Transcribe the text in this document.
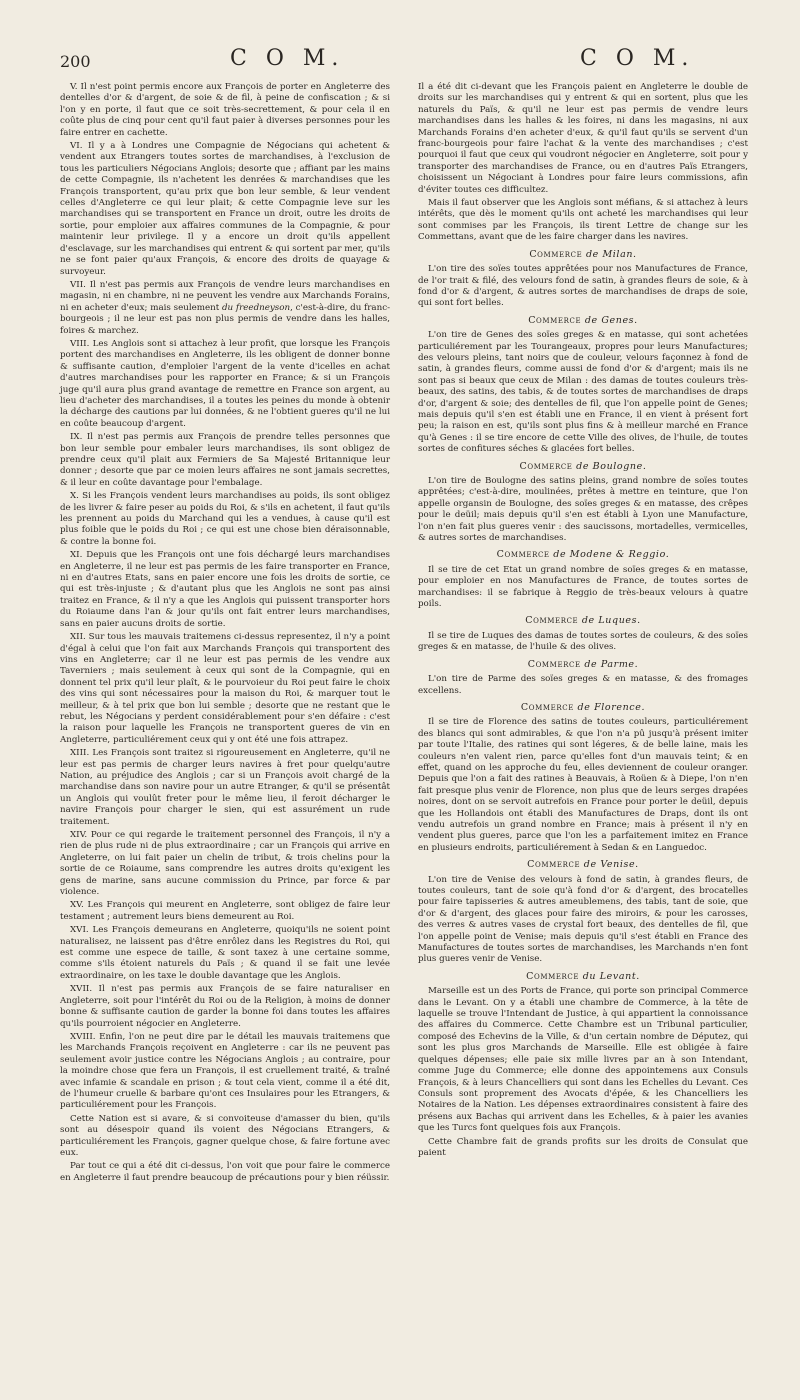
200	C O M.	C O M.

V. Il n'est point permis encore aux François de porter en Angleterre des dentelles d'or & d'argent, de soie & de fil, à peine de confiscation ; & si l'on y en porte, il faut que ce soit très-secrettement, & pour cela il en coûte plus de cinq pour cent qu'il faut paier à diverses personnes pour les faire entrer en cachette.

VI. Il y a à Londres une Compagnie de Négocians qui achetent & vendent aux Etrangers toutes sortes de marchandises, à l'exclusion de tous les particuliers Négocians Anglois; desorte que ; affiant par les mains de cette Compagnie, ils n'achetent les denrées & marchandises que les François transportent, qu'au prix que bon leur semble, & leur vendent celles d'Angleterre ce qui leur plait; & cette Compagnie leve sur les marchandises qui se transportent en France un droit, outre les droits de sortie, pour emploier aux affaires communes de la Compagnie, & pour maintenir leur privilege. Il y a encore un droit qu'ils appellent d'esclavage, sur les marchandises qui entrent & qui sortent par mer, qu'ils ne se font paier qu'aux François, & encore des droits de quayage & survoyeur.

VII. Il n'est pas permis aux François de vendre leurs marchandises en magasin, ni en chambre, ni ne peuvent les vendre aux Marchands Forains, ni en acheter d'eux; mais seulement du freedneyson, c'est-à-dire, du franc-bourgeois ; il ne leur est pas non plus permis de vendre dans les halles, foires & marchez.

VIII. Les Anglois sont si attachez à leur profit, que lorsque les François portent des marchandises en Angleterre, ils les obligent de donner bonne & suffisante caution, d'emploier l'argent de la vente d'icelles en achat d'autres marchandises pour les rapporter en France; & si un François juge qu'il aura plus grand avantage de remettre en France son argent, au lieu d'acheter des marchandises, il a toutes les peines du monde à obtenir la décharge des cautions par lui données, & ne l'obtient gueres qu'il ne lui en coûte beaucoup d'argent.

IX. Il n'est pas permis aux François de prendre telles personnes que bon leur semble pour embaler leurs marchandises, ils sont obligez de prendre ceux qu'il plait aux Fermiers de Sa Majesté Britannique leur donner ; desorte que par ce moien leurs affaires ne sont jamais secrettes, & il leur en coûte davantage pour l'embalage.

X. Si les François vendent leurs marchandises au poids, ils sont obligez de les livrer & faire peser au poids du Roi, & s'ils en achetent, il faut qu'ils les prennent au poids du Marchand qui les a vendues, à cause qu'il est plus foible que le poids du Roi ; ce qui est une chose bien déraisonnable, & contre la bonne foi.

XI. Depuis que les François ont une fois déchargé leurs marchandises en Angleterre, il ne leur est pas permis de les faire transporter en France, ni en d'autres Etats, sans en paier encore une fois les droits de sortie, ce qui est très-injuste ; & d'autant plus que les Anglois ne sont pas ainsi traitez en France, & il n'y a que les Anglois qui puissent transporter hors du Roiaume dans l'an & jour qu'ils ont fait entrer leurs marchandises, sans en paier aucuns droits de sortie.

XII. Sur tous les mauvais traitemens ci-dessus representez, il n'y a point d'égal à celui que l'on fait aux Marchands François qui transportent des vins en Angleterre; car il ne leur est pas permis de les vendre aux Taverniers ; mais seulement à ceux qui sont de la Compagnie, qui en donnent tel prix qu'il leur plaît, & le pourvoieur du Roi peut faire le choix des vins qui sont nécessaires pour la maison du Roi, & marquer tout le meilleur, & à tel prix que bon lui semble ; desorte que ne restant que le rebut, les Négocians y perdent considérablement pour s'en défaire : c'est la raison pour laquelle les François ne transportent gueres de vin en Angleterre, particuliérement ceux qui y ont été une fois attrapez.

XIII. Les François sont traitez si rigoureusement en Angleterre, qu'il ne leur est pas permis de charger leurs navires à fret pour quelqu'autre Nation, au préjudice des Anglois ; car si un François avoit chargé de la marchandise dans son navire pour un autre Etranger, & qu'il se présentât un Anglois qui voulût freter pour le même lieu, il feroit décharger le navire François pour charger le sien, qui est assurément un rude traitement.

XIV. Pour ce qui regarde le traitement personnel des François, il n'y a rien de plus rude ni de plus extraordinaire ; car un François qui arrive en Angleterre, on lui fait paier un chelin de tribut, & trois chelins pour la sortie de ce Roiaume, sans comprendre les autres droits qu'exigent les gens de marine, sans aucune commission du Prince, par force & par violence.

XV. Les François qui meurent en Angleterre, sont obligez de faire leur testament ; autrement leurs biens demeurent au Roi.

XVI. Les François demeurans en Angleterre, quoiqu'ils ne soient point naturalisez, ne laissent pas d'être enrôlez dans les Registres du Roi, qui est comme une espece de taille, & sont taxez à une certaine somme, comme s'ils étoient naturels du Païs ; & quand il se fait une levée extraordinaire, on les taxe le double davantage que les Anglois.

XVII. Il n'est pas permis aux François de se faire naturaliser en Angleterre, soit pour l'intérêt du Roi ou de la Religion, à moins de donner bonne & suffisante caution de garder la bonne foi dans toutes les affaires qu'ils pourroient négocier en Angleterre.

XVIII. Enfin, l'on ne peut dire par le détail les mauvais traitemens que les Marchands François reçoivent en Angleterre : car ils ne peuvent pas seulement avoir justice contre les Négocians Anglois ; au contraire, pour la moindre chose que fera un François, il est cruellement traité, & traîné avec infamie & scandale en prison ; & tout cela vient, comme il a été dit, de l'humeur cruelle & barbare qu'ont ces Insulaires pour les Etrangers, & particuliérement pour les François.

Cette Nation est si avare, & si convoiteuse d'amasser du bien, qu'ils sont au désespoir quand ils voient des Négocians Etrangers, & particuliérement les François, gagner quelque chose, & faire fortune avec eux.

Par tout ce qui a été dit ci-dessus, l'on voit que pour faire le commerce en Angleterre il faut prendre beaucoup de précautions pour y bien réüssir.

Il a été dit ci-devant que les François paient en Angleterre le double de droits sur les marchandises qui y entrent & qui en sortent, plus que les naturels du Païs, & qu'il ne leur est pas permis de vendre leurs marchandises dans les halles & les foires, ni dans les magasins, ni aux Marchands Forains d'en acheter d'eux, & qu'il faut qu'ils se servent d'un franc-bourgeois pour faire l'achat & la vente des marchandises ; c'est pourquoi il faut que ceux qui voudront négocier en Angleterre, soit pour y transporter des marchandises de France, ou en d'autres Païs Etrangers, choisissent un Négociant à Londres pour faire leurs commissions, afin d'éviter toutes ces difficultez.

Mais il faut observer que les Anglois sont méfians, & si attachez à leurs intérêts, que dès le moment qu'ils ont acheté les marchandises qui leur sont commises par les François, ils tirent Lettre de change sur les Commettans, avant que de les faire charger dans les navires.

Commerce de Milan.

L'on tire des soïes toutes apprêtées pour nos Manufactures de France, de l'or trait & filé, des velours fond de satin, à grandes fleurs de soie, & à fond d'or & d'argent, & autres sortes de marchandises de draps de soie, qui sont fort belles.

Commerce de Genes.

L'on tire de Genes des soïes greges & en matasse, qui sont achetées particuliérement par les Tourangeaux, propres pour leurs Manufactures; des velours pleins, tant noirs que de couleur, velours façonnez à fond de satin, à grandes fleurs, comme aussi de fond d'or & d'argent; mais ils ne sont pas si beaux que ceux de Milan : des damas de toutes couleurs très-beaux, des satins, des tabis, & de toutes sortes de marchandises de draps d'or, d'argent & soie; des dentelles de fil, que l'on appelle point de Genes; mais depuis qu'il s'en est établi une en France, il en vient à présent fort peu; la raison en est, qu'ils sont plus fins & à meilleur marché en France qu'à Genes : il se tire encore de cette Ville des olives, de l'huile, de toutes sortes de confitures séches & glacées fort belles.

Commerce de Boulogne.

L'on tire de Boulogne des satins pleins, grand nombre de soïes toutes apprêtées; c'est-à-dire, moulinées, prêtes à mettre en teinture, que l'on appelle organsin de Boulogne, des soïes greges & en matasse, des crêpes pour le deüil; mais depuis qu'il s'en est établi à Lyon une Manufacture, l'on n'en fait plus gueres venir : des saucissons, mortadelles, vermicelles, & autres sortes de marchandises.

Commerce de Modene & Reggio.

Il se tire de cet Etat un grand nombre de soïes greges & en matasse, pour emploier en nos Manufactures de France, de toutes sortes de marchandises: il se fabrique à Reggio de très-beaux velours à quatre poils.

Commerce de Luques.

Il se tire de Luques des damas de toutes sortes de couleurs, & des soïes greges & en matasse, de l'huile & des olives.

Commerce de Parme.

L'on tire de Parme des soïes greges & en matasse, & des fromages excellens.

Commerce de Florence.

Il se tire de Florence des satins de toutes couleurs, particuliérement des blancs qui sont admirables, & que l'on n'a pû jusqu'à présent imiter par toute l'Italie, des ratines qui sont légeres, & de belle laine, mais les couleurs n'en valent rien, parce qu'elles font d'un mauvais teint; & en effet, quand on les approche du feu, elles deviennent de couleur oranger. Depuis que l'on a fait des ratines à Beauvais, à Roüen & à Diepe, l'on n'en fait presque plus venir de Florence, non plus que de leurs serges drapées noires, dont on se servoit autrefois en France pour porter le deüil, depuis que les Hollandois ont établi des Manufactures de Draps, dont ils ont vendu autrefois un grand nombre en France; mais à présent il n'y en vendent plus gueres, parce que l'on les a parfaitement imitez en France en plusieurs endroits, particuliérement à Sedan & en Languedoc.

Commerce de Venise.

L'on tire de Venise des velours à fond de satin, à grandes fleurs, de toutes couleurs, tant de soie qu'à fond d'or & d'argent, des brocatelles pour faire tapisseries & autres ameublemens, des tabis, tant de soie, que d'or & d'argent, des glaces pour faire des miroirs, & pour les carosses, des verres & autres vases de crystal fort beaux, des dentelles de fil, que l'on appelle point de Venise; mais depuis qu'il s'est établi en France des Manufactures de toutes sortes de marchandises, les Marchands n'en font plus gueres venir de Venise.

Commerce du Levant.

Marseille est un des Ports de France, qui porte son principal Commerce dans le Levant. On y a établi une chambre de Commerce, à la tête de laquelle se trouve l'Intendant de Justice, à qui appartient la connoissance des affaires du Commerce. Cette Chambre est un Tribunal particulier, composé des Echevins de la Ville, & d'un certain nombre de Députez, qui sont les plus gros Marchands de Marseille. Elle est obligée à faire quelques dépenses; elle paie six mille livres par an à son Intendant, comme Juge du Commerce; elle donne des appointemens aux Consuls François, & à leurs Chancelliers qui sont dans les Echelles du Levant. Ces Consuls sont proprement des Avocats d'épée, & les Chancelliers les Notaires de la Nation. Les dépenses extraordinaires consistent à faire des présens aux Bachas qui arrivent dans les Echelles, & à paier les avanies que les Turcs font quelques fois aux François.

Cette Chambre fait de grands profits sur les droits de Consulat que paient
